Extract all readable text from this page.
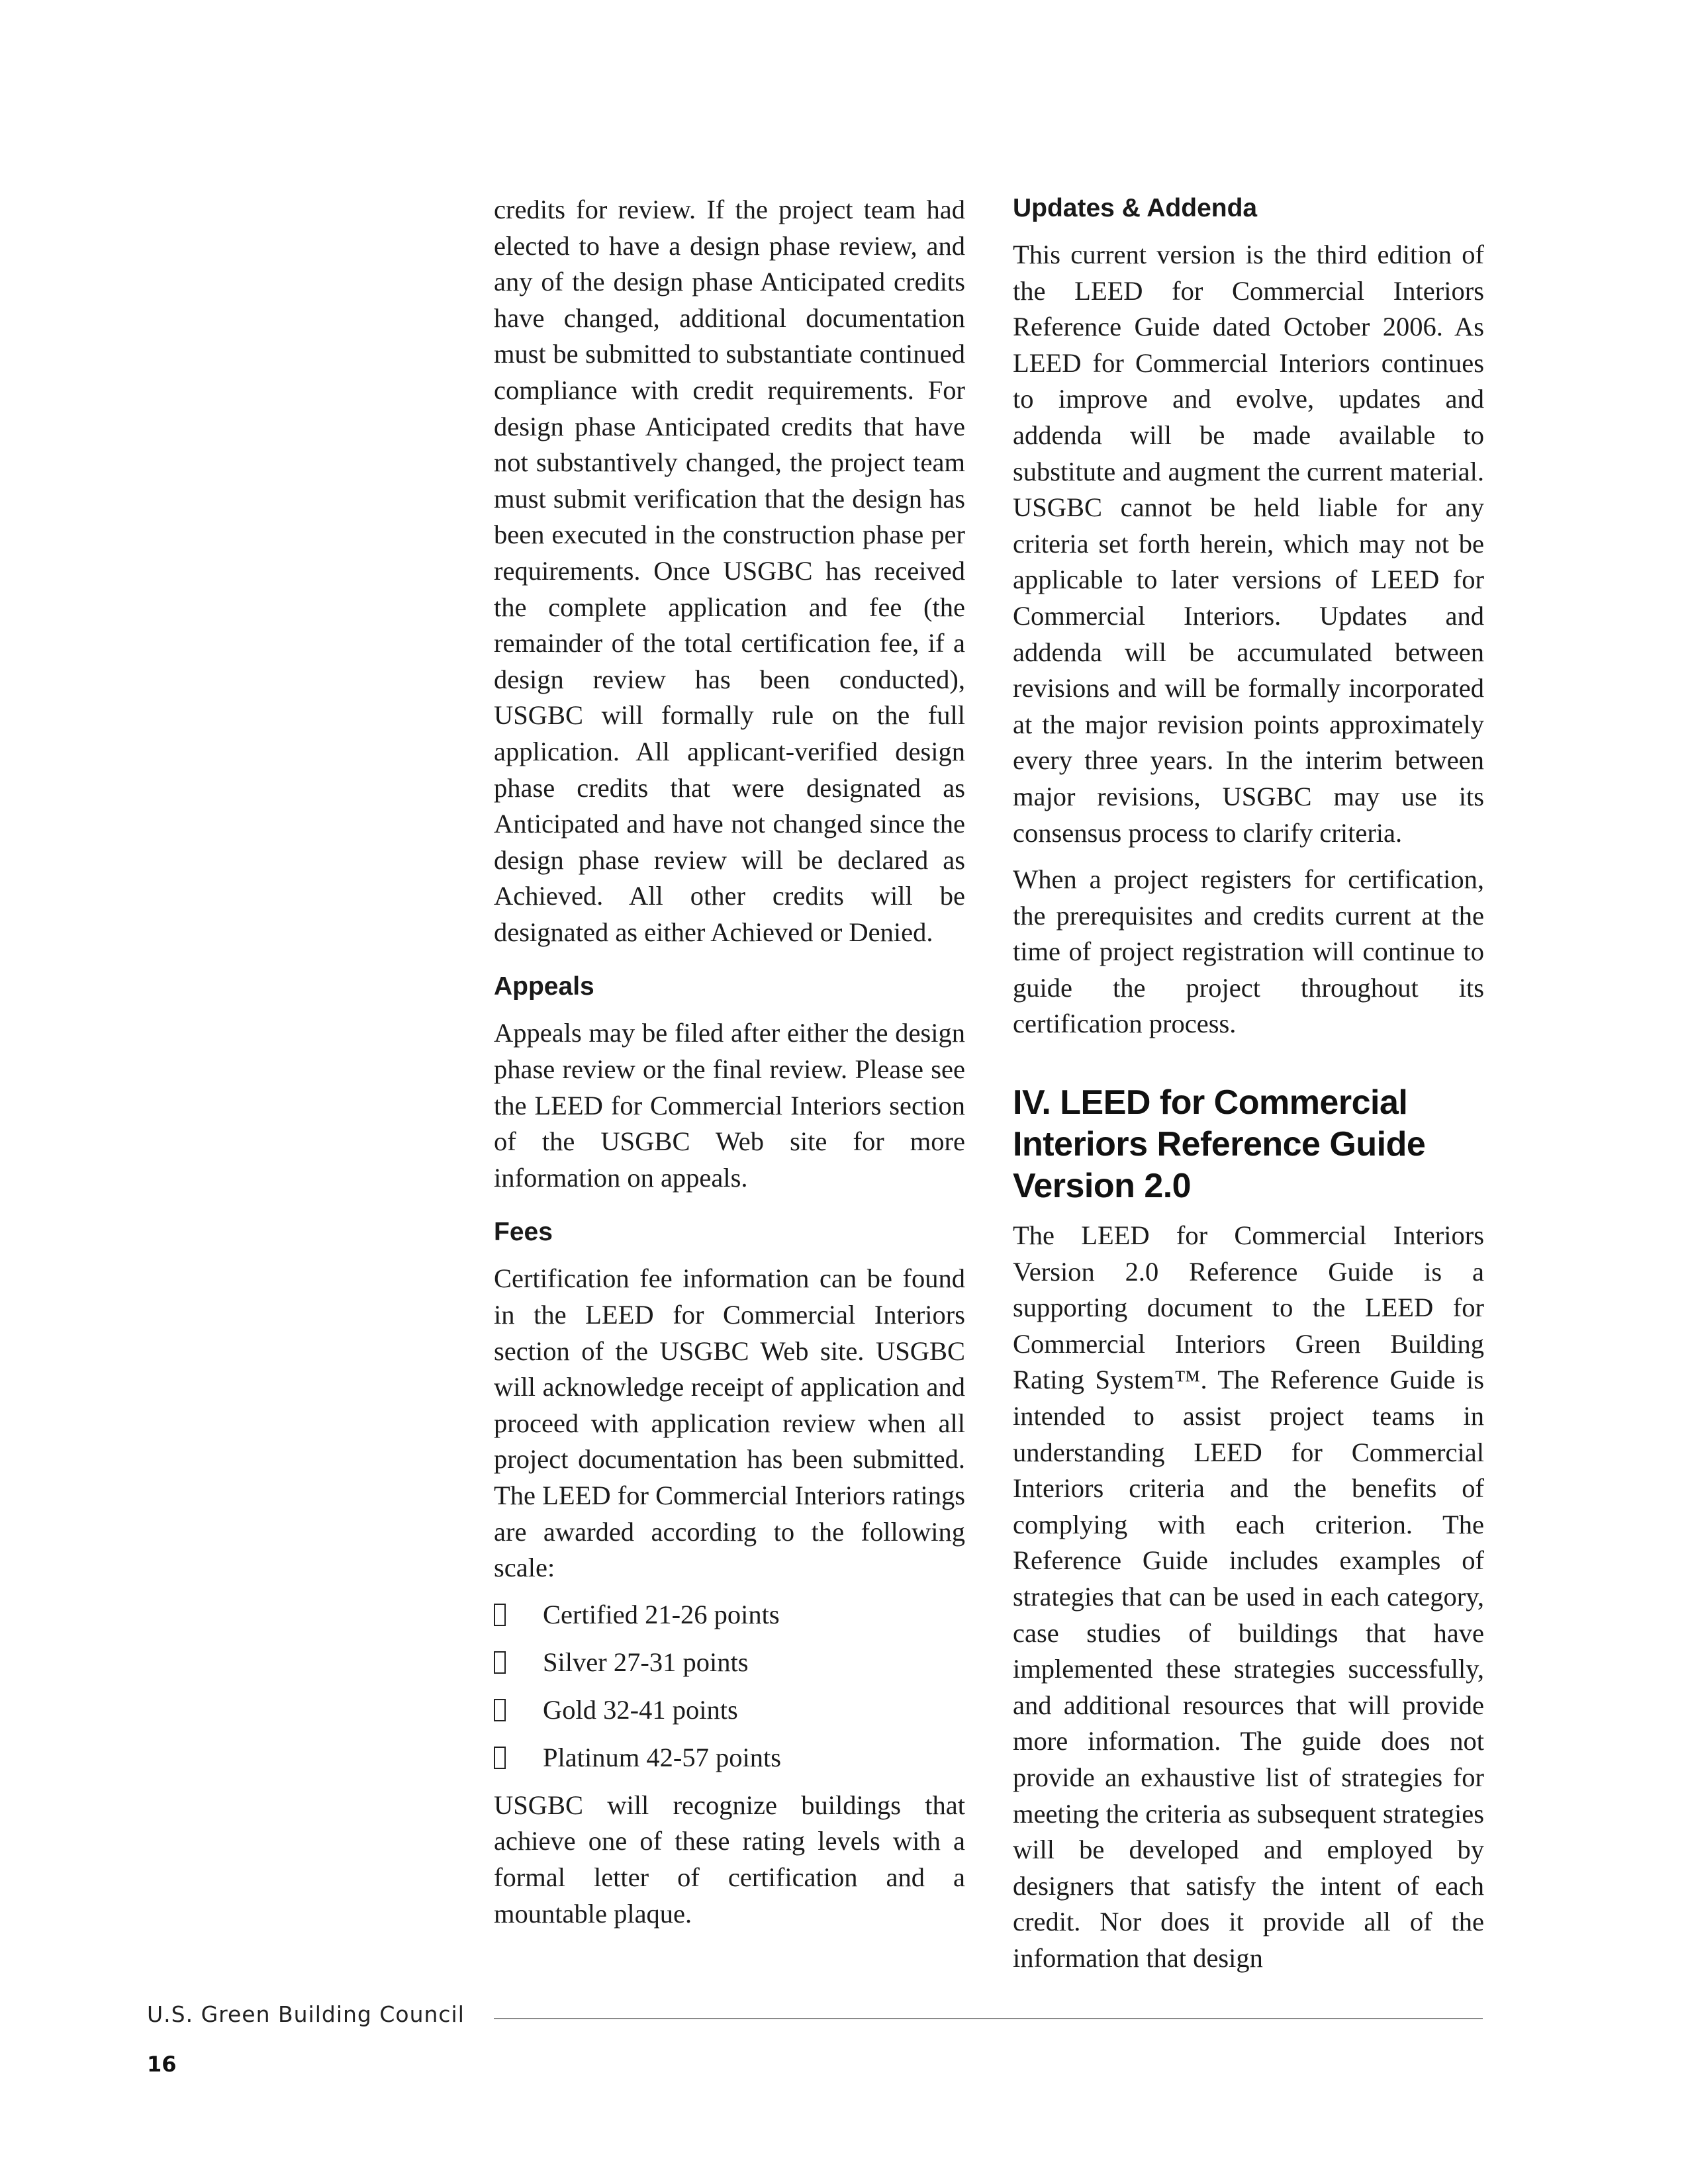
credits for review. If the project team had elected to have a design phase review, and any of the design phase Anticipated credits have changed, additional documentation must be submitted to substantiate continued compliance with credit requirements. For design phase Anticipated credits that have not substantively changed, the project team must submit verification that the design has been executed in the construction phase per requirements. Once USGBC has received the complete application and fee (the remainder of the total certification fee, if a design review has been conducted), USGBC will formally rule on the full application. All applicant-verified design phase credits that were designated as Anticipated and have not changed since the design phase review will be declared as Achieved. All other credits will be designated as either Achieved or Denied.

Appeals

Appeals may be filed after either the design phase review or the final review. Please see the LEED for Commercial Interiors section of the USGBC Web site for more information on appeals.

Fees

Certification fee information can be found in the LEED for Commercial Interiors section of the USGBC Web site. USGBC will acknowledge receipt of application and proceed with application review when all project documentation has been submitted. The LEED for Commercial Interiors ratings are awarded according to the following scale:

Certified 21-26 points
Silver 27-31 points
Gold 32-41 points
Platinum 42-57 points

USGBC will recognize buildings that achieve one of these rating levels with a formal letter of certification and a mountable plaque.

Updates & Addenda

This current version is the third edition of the LEED for Commercial Interiors Reference Guide dated October 2006. As LEED for Commercial Interiors continues to improve and evolve, updates and addenda will be made available to substitute and augment the current material. USGBC cannot be held liable for any criteria set forth herein, which may not be applicable to later versions of LEED for Commercial Interiors. Updates and addenda will be accumulated between revisions and will be formally incorporated at the major revision points approximately every three years. In the interim between major revisions, USGBC may use its consensus process to clarify criteria.

When a project registers for certification, the prerequisites and credits current at the time of project registration will continue to guide the project throughout its certification process.

IV. LEED for Commercial Interiors Reference Guide Version 2.0

The LEED for Commercial Interiors Version 2.0 Reference Guide is a supporting document to the LEED for Commercial Interiors Green Building Rating System™. The Reference Guide is intended to assist project teams in understanding LEED for Commercial Interiors criteria and the benefits of complying with each criterion. The Reference Guide includes examples of strategies that can be used in each category, case studies of buildings that have implemented these strategies successfully, and additional resources that will provide more information. The guide does not provide an exhaustive list of strategies for meeting the criteria as subsequent strategies will be developed and employed by designers that satisfy the intent of each credit. Nor does it provide all of the information that design

U.S. Green Building Council
16
